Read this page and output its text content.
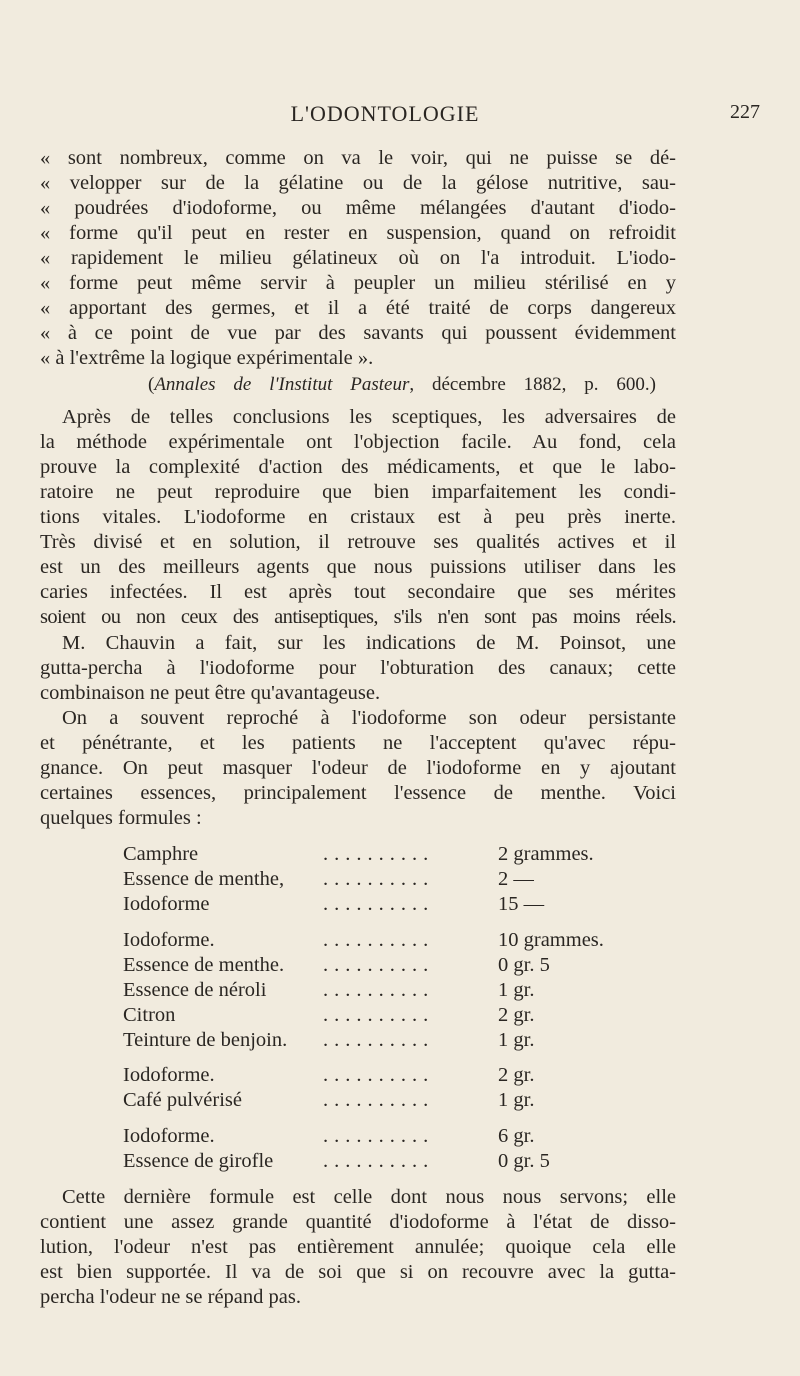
L'ODONTOLOGIE	227
« sont nombreux, comme on va le voir, qui ne puisse se dé-
« velopper sur de la gélatine ou de la gélose nutritive, sau-
« poudrées d'iodoforme, ou même mélangées d'autant d'iodo-
« forme qu'il peut en rester en suspension, quand on refroidit
« rapidement le milieu gélatineux où on l'a introduit. L'iodo-
« forme peut même servir à peupler un milieu stérilisé en y
« apportant des germes, et il a été traité de corps dangereux
« à ce point de vue par des savants qui poussent évidemment
« à l'extrême la logique expérimentale ».
(Annales de l'Institut Pasteur, décembre 1882, p. 600.)
Après de telles conclusions les sceptiques, les adversaires de
la méthode expérimentale ont l'objection facile. Au fond, cela
prouve la complexité d'action des médicaments, et que le labo-
ratoire ne peut reproduire que bien imparfaitement les condi-
tions vitales. L'iodoforme en cristaux est à peu près inerte.
Très divisé et en solution, il retrouve ses qualités actives et il
est un des meilleurs agents que nous puissions utiliser dans les
caries infectées. Il est après tout secondaire que ses mérites
soient ou non ceux des antiseptiques, s'ils n'en sont pas moins réels.
M. Chauvin a fait, sur les indications de M. Poinsot, une
gutta-percha à l'iodoforme pour l'obturation des canaux; cette
combinaison ne peut être qu'avantageuse.
On a souvent reproché à l'iodoforme son odeur persistante
et pénétrante, et les patients ne l'acceptent qu'avec répu-
gnance. On peut masquer l'odeur de l'iodoforme en y ajoutant
certaines essences, principalement l'essence de menthe. Voici
quelques formules :
Camphre	..........	2 grammes.
Essence de menthe, ..........	2 —
Iodoforme	..........	15 —
Iodoforme.	..........	10 grammes.
Essence de menthe. ..........	0 gr. 5
Essence de néroli	..........	1 gr.
Citron	..........	2 gr.
Teinture de benjoin. ..........	1 gr.
Iodoforme.	..........	2 gr.
Café pulvérisé	..........	1 gr.
Iodoforme.	..........	6 gr.
Essence de girofle ..........	0 gr. 5
Cette dernière formule est celle dont nous nous servons; elle
contient une assez grande quantité d'iodoforme à l'état de disso-
lution, l'odeur n'est pas entièrement annulée; quoique cela elle
est bien supportée. Il va de soi que si on recouvre avec la gutta-
percha l'odeur ne se répand pas.
